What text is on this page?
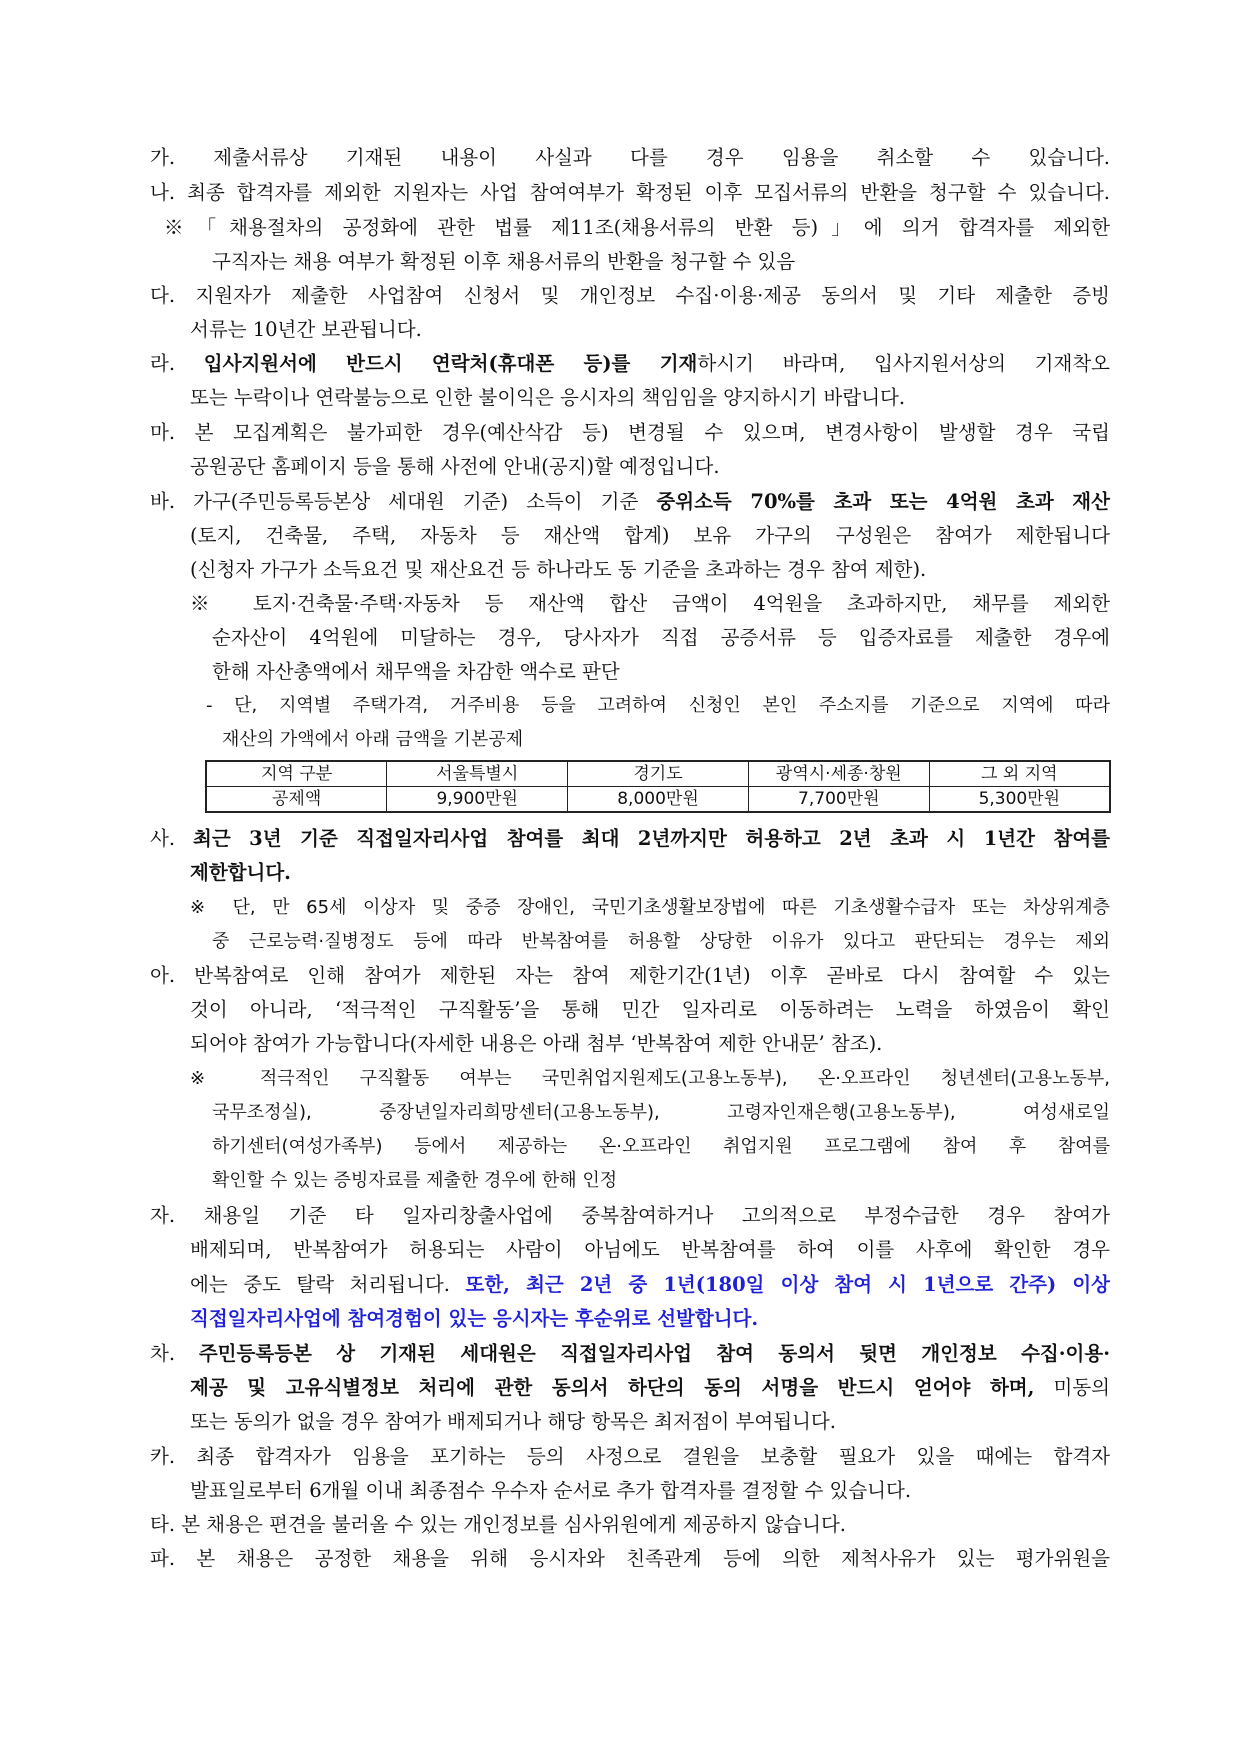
가. 제출서류상 기재된 내용이 사실과 다를 경우 임용을 취소할 수 있습니다.
나. 최종 합격자를 제외한 지원자는 사업 참여여부가 확정된 이후 모집서류의 반환을 청구할 수 있습니다.
※「채용절차의 공정화에 관한 법률 제11조(채용서류의 반환 등)」에 의거 합격자를 제외한
구직자는 채용 여부가 확정된 이후 채용서류의 반환을 청구할 수 있음
다. 지원자가 제출한 사업참여 신청서 및 개인정보 수집·이용·제공 동의서 및 기타 제출한 증빙
서류는 10년간 보관됩니다.
라. 입사지원서에 반드시 연락처(휴대폰 등)를 기재하시기 바라며, 입사지원서상의 기재착오
또는 누락이나 연락불능으로 인한 불이익은 응시자의 책임임을 양지하시기 바랍니다.
마. 본 모집계획은 불가피한 경우(예산삭감 등) 변경될 수 있으며, 변경사항이 발생할 경우 국립
공원공단 홈페이지 등을 통해 사전에 안내(공지)할 예정입니다.
바. 가구(주민등록등본상 세대원 기준) 소득이 기준 중위소득 70%를 초과 또는 4억원 초과 재산
(토지, 건축물, 주택, 자동차 등 재산액 합계) 보유 가구의 구성원은 참여가 제한됩니다
(신청자 가구가 소득요건 및 재산요건 등 하나라도 동 기준을 초과하는 경우 참여 제한).
※ 토지·건축물·주택·자동차 등 재산액 합산 금액이 4억원을 초과하지만, 채무를 제외한
순자산이 4억원에 미달하는 경우, 당사자가 직접 공증서류 등 입증자료를 제출한 경우에
한해 자산총액에서 채무액을 차감한 액수로 판단
- 단, 지역별 주택가격, 거주비용 등을 고려하여 신청인 본인 주소지를 기준으로 지역에 따라
재산의 가액에서 아래 금액을 기본공제
지역 구분	서울특별시	경기도	광역시·세종·창원	그 외 지역
공제액	9,900만원	8,000만원	7,700만원	5,300만원
사. 최근 3년 기준 직접일자리사업 참여를 최대 2년까지만 허용하고 2년 초과 시 1년간 참여를
제한합니다.
※ 단, 만 65세 이상자 및 중증 장애인, 국민기초생활보장법에 따른 기초생활수급자 또는 차상위계층
중 근로능력·질병정도 등에 따라 반복참여를 허용할 상당한 이유가 있다고 판단되는 경우는 제외
아. 반복참여로 인해 참여가 제한된 자는 참여 제한기간(1년) 이후 곧바로 다시 참여할 수 있는
것이 아니라, ‘적극적인 구직활동’을 통해 민간 일자리로 이동하려는 노력을 하였음이 확인
되어야 참여가 가능합니다(자세한 내용은 아래 첨부 ‘반복참여 제한 안내문’ 참조).
※ 적극적인 구직활동 여부는 국민취업지원제도(고용노동부), 온·오프라인 청년센터(고용노동부,
국무조정실), 중장년일자리희망센터(고용노동부), 고령자인재은행(고용노동부), 여성새로일
하기센터(여성가족부) 등에서 제공하는 온·오프라인 취업지원 프로그램에 참여 후 참여를
확인할 수 있는 증빙자료를 제출한 경우에 한해 인정
자. 채용일 기준 타 일자리창출사업에 중복참여하거나 고의적으로 부정수급한 경우 참여가
배제되며, 반복참여가 허용되는 사람이 아님에도 반복참여를 하여 이를 사후에 확인한 경우
에는 중도 탈락 처리됩니다. 또한, 최근 2년 중 1년(180일 이상 참여 시 1년으로 간주) 이상
직접일자리사업에 참여경험이 있는 응시자는 후순위로 선발합니다.
차. 주민등록등본 상 기재된 세대원은 직접일자리사업 참여 동의서 뒷면 개인정보 수집·이용·
제공 및 고유식별정보 처리에 관한 동의서 하단의 동의 서명을 반드시 얻어야 하며, 미동의
또는 동의가 없을 경우 참여가 배제되거나 해당 항목은 최저점이 부여됩니다.
카. 최종 합격자가 임용을 포기하는 등의 사정으로 결원을 보충할 필요가 있을 때에는 합격자
발표일로부터 6개월 이내 최종점수 우수자 순서로 추가 합격자를 결정할 수 있습니다.
타. 본 채용은 편견을 불러올 수 있는 개인정보를 심사위원에게 제공하지 않습니다.
파. 본 채용은 공정한 채용을 위해 응시자와 친족관계 등에 의한 제척사유가 있는 평가위원을
